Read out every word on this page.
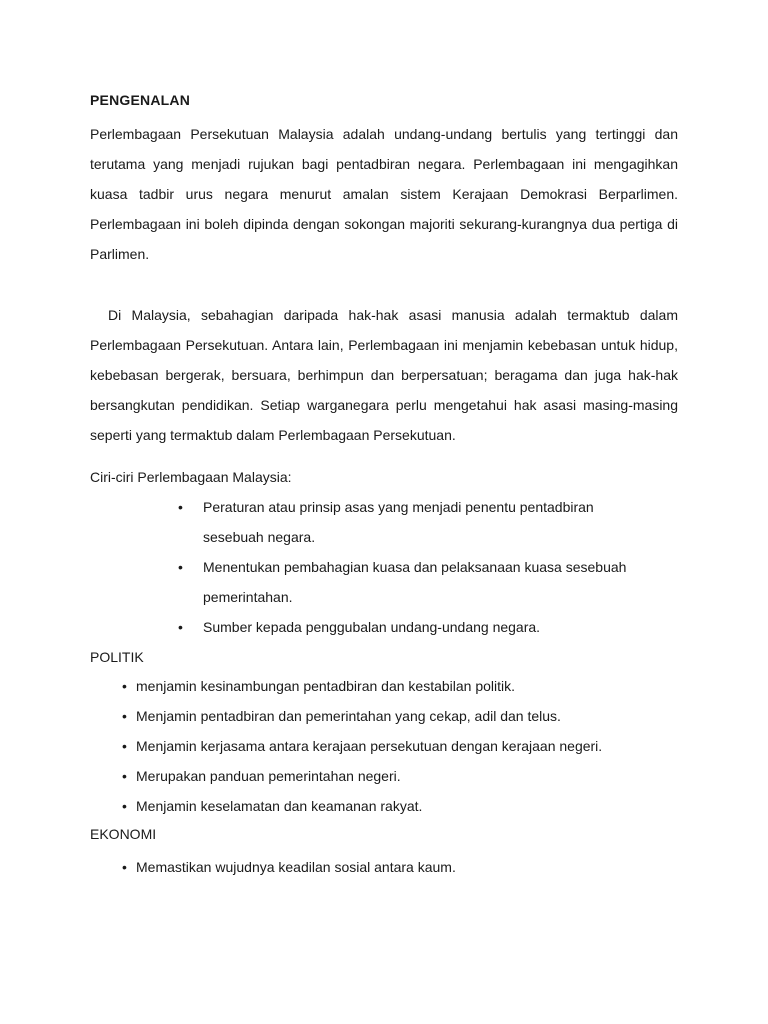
PENGENALAN

Perlembagaan Persekutuan Malaysia adalah undang-undang bertulis yang tertinggi dan terutama yang menjadi rujukan bagi pentadbiran negara. Perlembagaan ini mengagihkan kuasa tadbir urus negara menurut amalan sistem Kerajaan Demokrasi Berparlimen. Perlembagaan ini boleh dipinda dengan sokongan majoriti sekurang-kurangnya dua pertiga di Parlimen.

Di Malaysia, sebahagian daripada hak-hak asasi manusia adalah termaktub dalam Perlembagaan Persekutuan. Antara lain, Perlembagaan ini menjamin kebebasan untuk hidup, kebebasan bergerak, bersuara, berhimpun dan berpersatuan; beragama dan juga hak-hak bersangkutan pendidikan. Setiap warganegara perlu mengetahui hak asasi masing-masing seperti yang termaktub dalam Perlembagaan Persekutuan.

Ciri-ciri Perlembagaan Malaysia:
• Peraturan atau prinsip asas yang menjadi penentu pentadbiran sesebuah negara.
• Menentukan pembahagian kuasa dan pelaksanaan kuasa sesebuah pemerintahan.
• Sumber kepada penggubalan undang-undang negara.
POLITIK
• menjamin kesinambungan pentadbiran dan kestabilan politik.
• Menjamin pentadbiran dan pemerintahan yang cekap, adil dan telus.
• Menjamin kerjasama antara kerajaan persekutuan dengan kerajaan negeri.
• Merupakan panduan pemerintahan negeri.
• Menjamin keselamatan dan keamanan rakyat.
EKONOMI
• Memastikan wujudnya keadilan sosial antara kaum.
